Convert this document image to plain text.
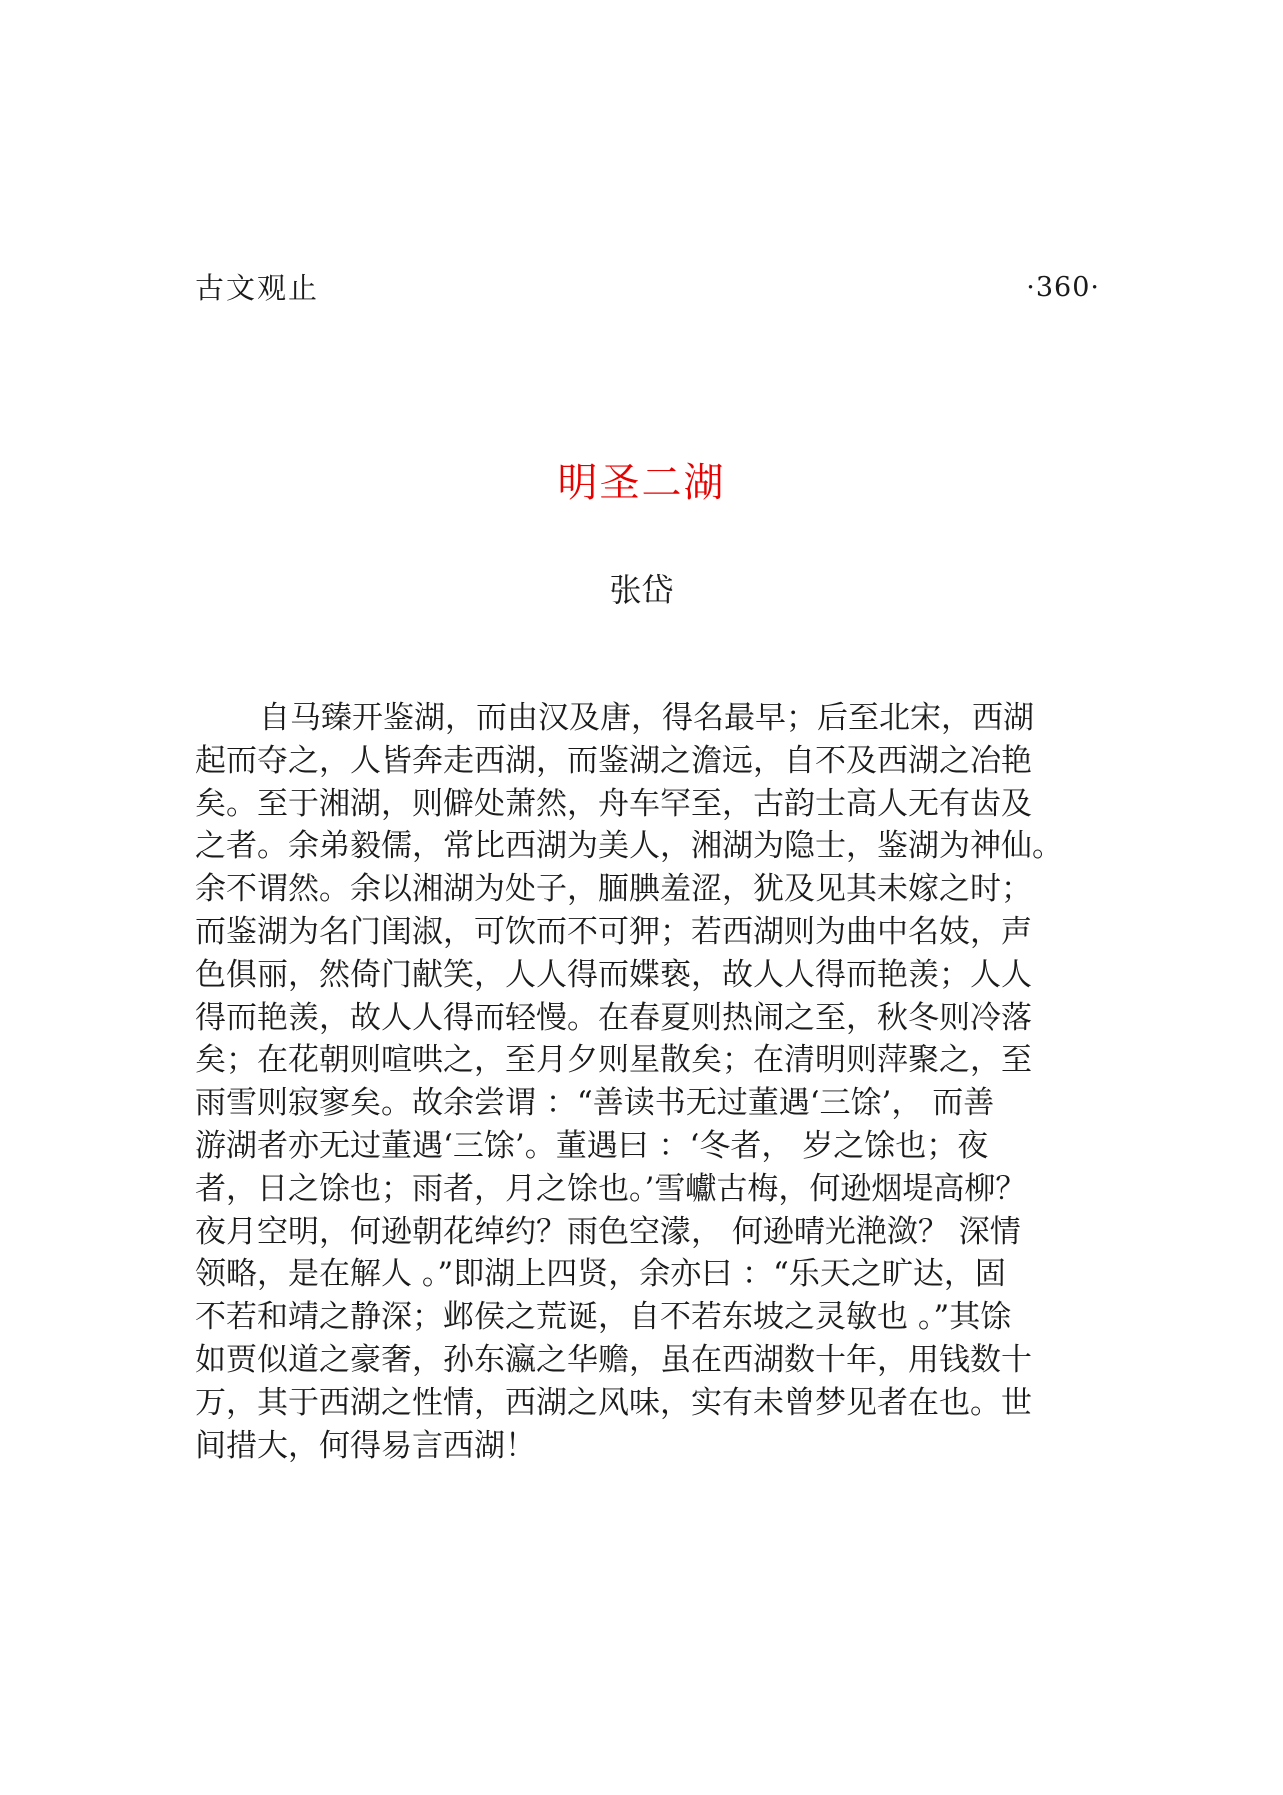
古文观止	·360·
明圣二湖
张岱
自马臻开鉴湖，而由汉及唐，得名最早；后至北宋，西湖
起而夺之，人皆奔走西湖，而鉴湖之澹远，自不及西湖之冶艳
矣。至于湘湖，则僻处萧然，舟车罕至，古韵士高人无有齿及
之者。余弟毅儒，常比西湖为美人，湘湖为隐士，鉴湖为神仙。
余不谓然。余以湘湖为处子，腼腆羞涩，犹及见其未嫁之时；
而鉴湖为名门闺淑，可饮而不可狎；若西湖则为曲中名妓，声
色俱丽，然倚门献笑，人人得而媟亵，故人人得而艳羡；人人
得而艳羡，故人人得而轻慢。在春夏则热闹之至，秋冬则冷落
矣；在花朝则喧哄之，至月夕则星散矣；在清明则萍聚之，至
雨雪则寂寥矣。故余尝谓 ：“善读书无过董遇‘三馀’， 而善
游湖者亦无过董遇‘三馀’。董遇曰 ：‘冬者， 岁之馀也；夜
者，日之馀也；雨者，月之馀也。’雪巘古梅，何逊烟堤高柳？
夜月空明，何逊朝花绰约？雨色空濛， 何逊晴光滟潋？ 深情
领略，是在解人 。”即湖上四贤，余亦曰 ：“乐天之旷达，固
不若和靖之静深；邺侯之荒诞，自不若东坡之灵敏也 。”其馀
如贾似道之豪奢，孙东瀛之华赡，虽在西湖数十年，用钱数十
万，其于西湖之性情，西湖之风味，实有未曾梦见者在也。世
间措大，何得易言西湖！
